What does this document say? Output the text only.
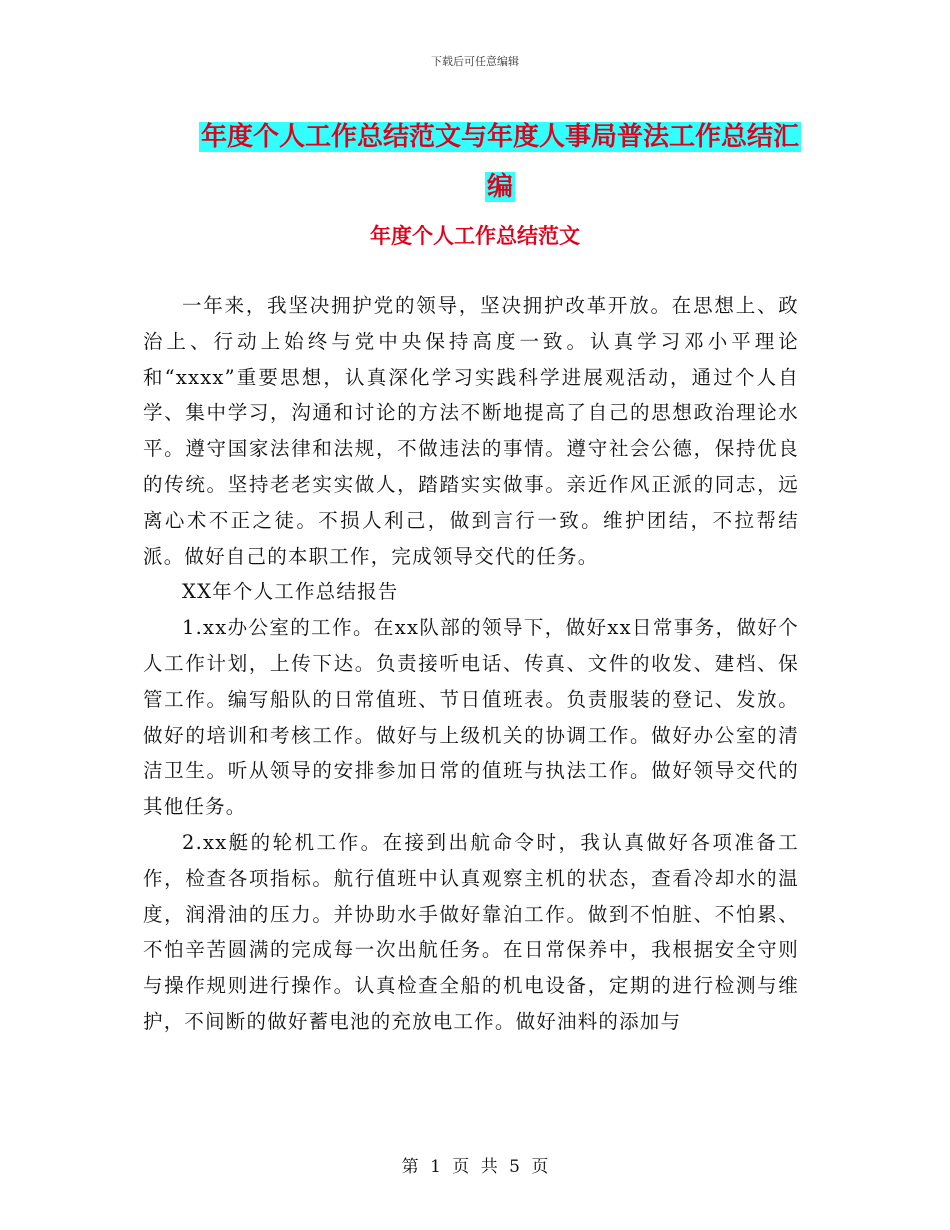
下载后可任意编辑
年度个人工作总结范文与年度人事局普法工作总结汇
编
年度个人工作总结范文

一年来，我坚决拥护党的领导，坚决拥护改革开放。在思想上、政治上、行动上始终与党中央保持高度一致。认真学习邓小平理论和“xxxx”重要思想，认真深化学习实践科学进展观活动，通过个人自学、集中学习，沟通和讨论的方法不断地提高了自己的思想政治理论水平。遵守国家法律和法规，不做违法的事情。遵守社会公德，保持优良的传统。坚持老老实实做人，踏踏实实做事。亲近作风正派的同志，远离心术不正之徒。不损人利己，做到言行一致。维护团结，不拉帮结派。做好自己的本职工作，完成领导交代的任务。

XX年个人工作总结报告

1.xx办公室的工作。在xx队部的领导下，做好xx日常事务，做好个人工作计划，上传下达。负责接听电话、传真、文件的收发、建档、保管工作。编写船队的日常值班、节日值班表。负责服装的登记、发放。做好的培训和考核工作。做好与上级机关的协调工作。做好办公室的清洁卫生。听从领导的安排参加日常的值班与执法工作。做好领导交代的其他任务。

2.xx艇的轮机工作。在接到出航命令时，我认真做好各项准备工作，检查各项指标。航行值班中认真观察主机的状态，查看冷却水的温度，润滑油的压力。并协助水手做好靠泊工作。做到不怕脏、不怕累、不怕辛苦圆满的完成每一次出航任务。在日常保养中，我根据安全守则与操作规则进行操作。认真检查全船的机电设备，定期的进行检测与维护，不间断的做好蓄电池的充放电工作。做好油料的添加与

第 1 页 共 5 页
